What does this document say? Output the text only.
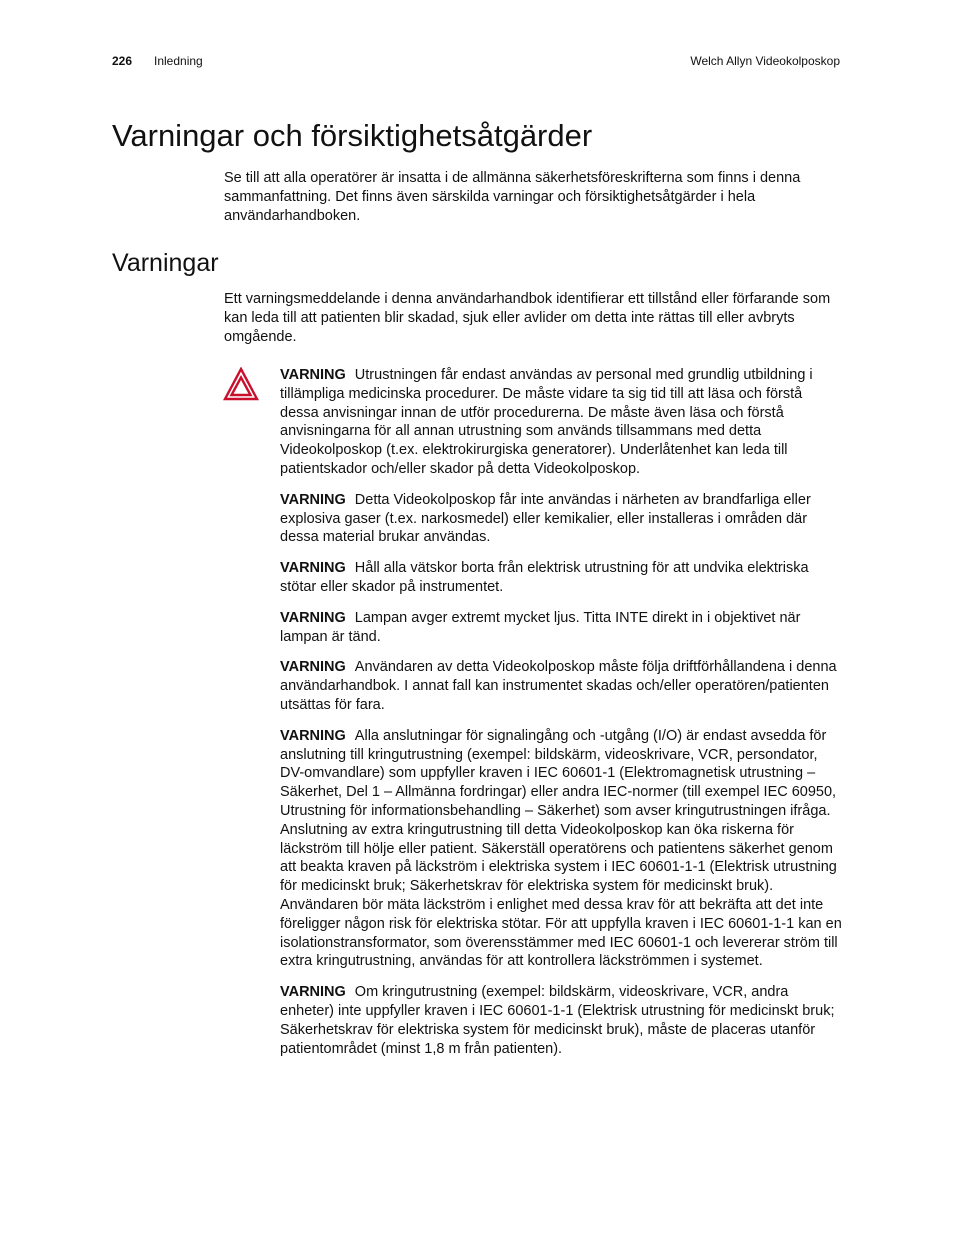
226 Inledning	Welch Allyn Videokolposkop
Varningar och försiktighetsåtgärder

Se till att alla operatörer är insatta i de allmänna säkerhetsföreskrifterna som finns i denna sammanfattning. Det finns även särskilda varningar och försiktighetsåtgärder i hela användarhandboken.

Varningar

Ett varningsmeddelande i denna användarhandbok identifierar ett tillstånd eller förfarande som kan leda till att patienten blir skadad, sjuk eller avlider om detta inte rättas till eller avbryts omgående.

VARNING Utrustningen får endast användas av personal med grundlig utbildning i tillämpliga medicinska procedurer. De måste vidare ta sig tid till att läsa och förstå dessa anvisningar innan de utför procedurerna. De måste även läsa och förstå anvisningarna för all annan utrustning som används tillsammans med detta Videokolposkop (t.ex. elektrokirurgiska generatorer). Underlåtenhet kan leda till patientskador och/eller skador på detta Videokolposkop.

VARNING Detta Videokolposkop får inte användas i närheten av brandfarliga eller explosiva gaser (t.ex. narkosmedel) eller kemikalier, eller installeras i områden där dessa material brukar användas.

VARNING Håll alla vätskor borta från elektrisk utrustning för att undvika elektriska stötar eller skador på instrumentet.

VARNING Lampan avger extremt mycket ljus. Titta INTE direkt in i objektivet när lampan är tänd.

VARNING Användaren av detta Videokolposkop måste följa driftförhållandena i denna användarhandbok. I annat fall kan instrumentet skadas och/eller operatören/patienten utsättas för fara.

VARNING Alla anslutningar för signalingång och -utgång (I/O) är endast avsedda för anslutning till kringutrustning (exempel: bildskärm, videoskrivare, VCR, persondator, DV-omvandlare) som uppfyller kraven i IEC 60601-1 (Elektromagnetisk utrustning – Säkerhet, Del 1 – Allmänna fordringar) eller andra IEC-normer (till exempel IEC 60950, Utrustning för informationsbehandling – Säkerhet) som avser kringutrustningen ifråga. Anslutning av extra kringutrustning till detta Videokolposkop kan öka riskerna för läckström till hölje eller patient. Säkerställ operatörens och patientens säkerhet genom att beakta kraven på läckström i elektriska system i IEC 60601-1-1 (Elektrisk utrustning för medicinskt bruk; Säkerhetskrav för elektriska system för medicinskt bruk). Användaren bör mäta läckström i enlighet med dessa krav för att bekräfta att det inte föreligger någon risk för elektriska stötar. För att uppfylla kraven i IEC 60601-1-1 kan en isolationstransformator, som överensstämmer med IEC 60601-1 och levererar ström till extra kringutrustning, användas för att kontrollera läckströmmen i systemet.

VARNING Om kringutrustning (exempel: bildskärm, videoskrivare, VCR, andra enheter) inte uppfyller kraven i IEC 60601-1-1 (Elektrisk utrustning för medicinskt bruk; Säkerhetskrav för elektriska system för medicinskt bruk), måste de placeras utanför patientområdet (minst 1,8 m från patienten).
